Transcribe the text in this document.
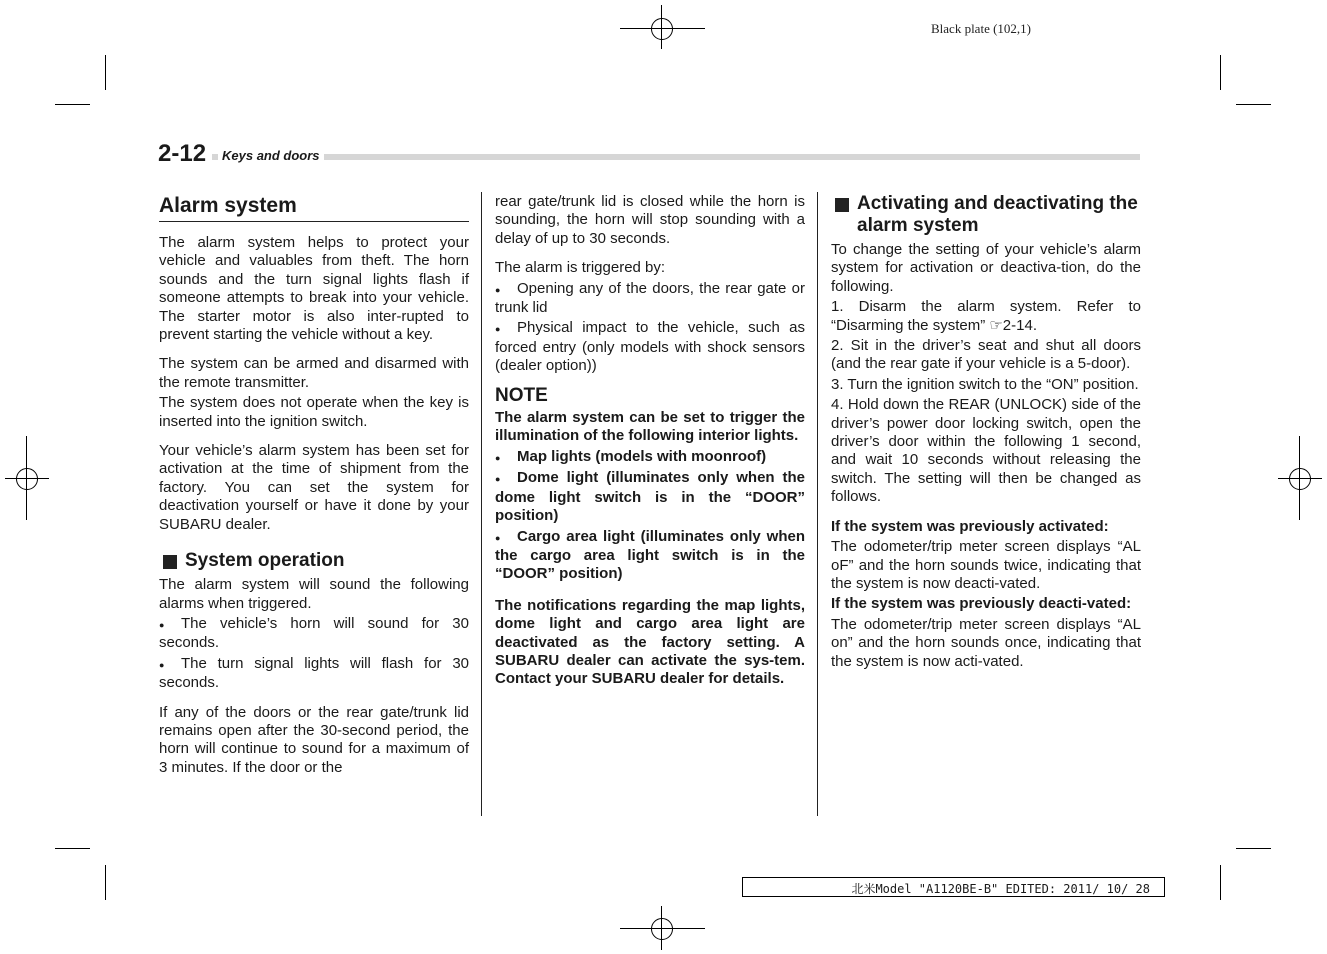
Black plate (102,1)
2-12	Keys and doors
Alarm system

The alarm system helps to protect your vehicle and valuables from theft. The horn sounds and the turn signal lights flash if someone attempts to break into your vehicle. The starter motor is also inter-rupted to prevent starting the vehicle without a key.

The system can be armed and disarmed with the remote transmitter.

The system does not operate when the key is inserted into the ignition switch.

Your vehicle’s alarm system has been set for activation at the time of shipment from the factory. You can set the system for deactivation yourself or have it done by your SUBARU dealer.

System operation

The alarm system will sound the following alarms when triggered.

● The vehicle’s horn will sound for 30 seconds.

● The turn signal lights will flash for 30 seconds.

If any of the doors or the rear gate/trunk lid remains open after the 30-second period, the horn will continue to sound for a maximum of 3 minutes. If the door or the

rear gate/trunk lid is closed while the horn is sounding, the horn will stop sounding with a delay of up to 30 seconds.

The alarm is triggered by:

● Opening any of the doors, the rear gate or trunk lid

● Physical impact to the vehicle, such as forced entry (only models with shock sensors (dealer option))

NOTE

The alarm system can be set to trigger the illumination of the following interior lights.

● Map lights (models with moonroof)

● Dome light (illuminates only when the dome light switch is in the “DOOR” position)

● Cargo area light (illuminates only when the cargo area light switch is in the “DOOR” position)

The notifications regarding the map lights, dome light and cargo area light are deactivated as the factory setting. A SUBARU dealer can activate the sys-tem. Contact your SUBARU dealer for details.

Activating and deactivating the alarm system

To change the setting of your vehicle’s alarm system for activation or deactiva-tion, do the following.

1. Disarm the alarm system. Refer to “Disarming the system” ☞2-14.

2. Sit in the driver’s seat and shut all doors (and the rear gate if your vehicle is a 5-door).

3. Turn the ignition switch to the “ON” position.

4. Hold down the REAR (UNLOCK) side of the driver’s power door locking switch, open the driver’s door within the following 1 second, and wait 10 seconds without releasing the switch. The setting will then be changed as follows.

If the system was previously activated:

The odometer/trip meter screen displays “AL oF” and the horn sounds twice, indicating that the system is now deacti-vated.

If the system was previously deacti-vated:

The odometer/trip meter screen displays “AL on” and the horn sounds once, indicating that the system is now acti-vated.

北米Model "A1120BE-B" EDITED: 2011/ 10/ 28
